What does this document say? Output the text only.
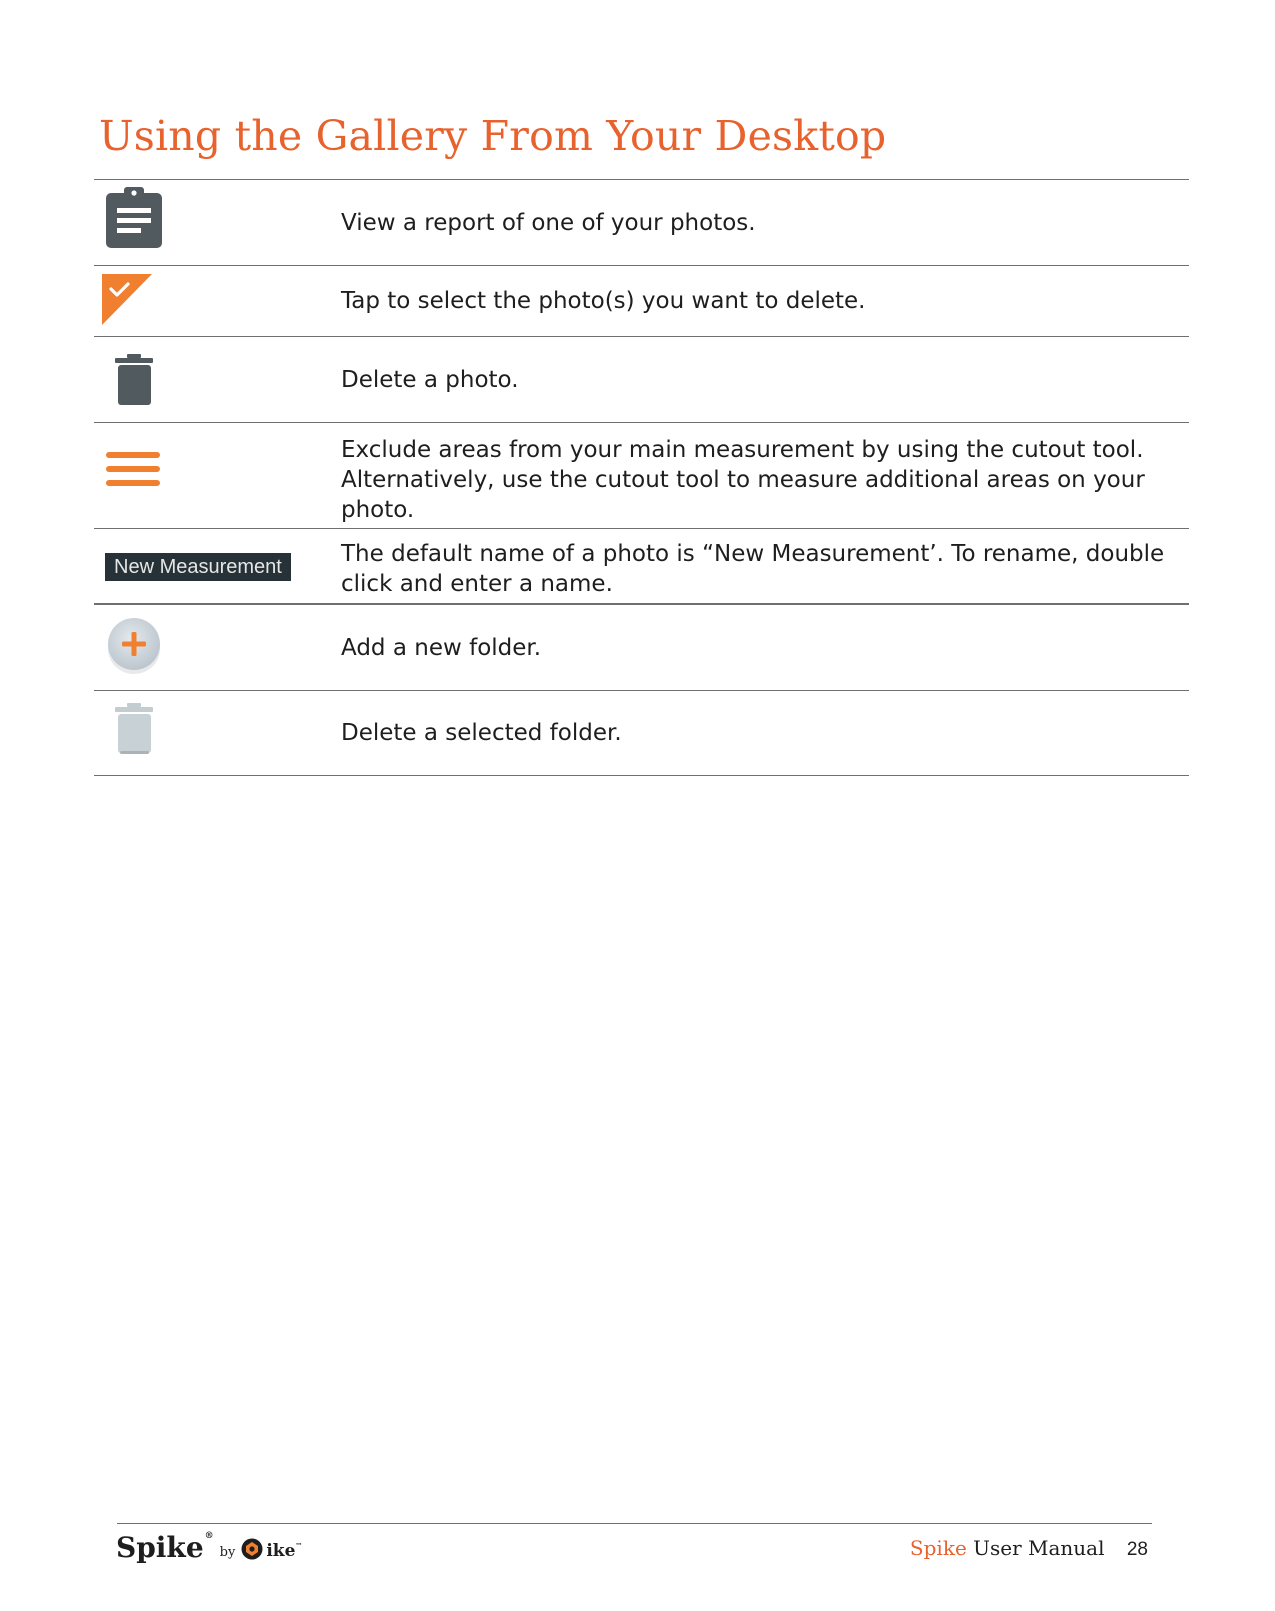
Using the Gallery From Your Desktop
View a report of one of your photos.
Tap to select the photo(s) you want to delete.
Delete a photo.
Exclude areas from your main measurement by using the cutout tool. Alternatively, use the cutout tool to measure additional areas on your photo.
New Measurement	The default name of a photo is “New Measurement’. To rename, double click and enter a name.
Add a new folder.
Delete a selected folder.
Spike®
by ike™	Spike User Manual 28
